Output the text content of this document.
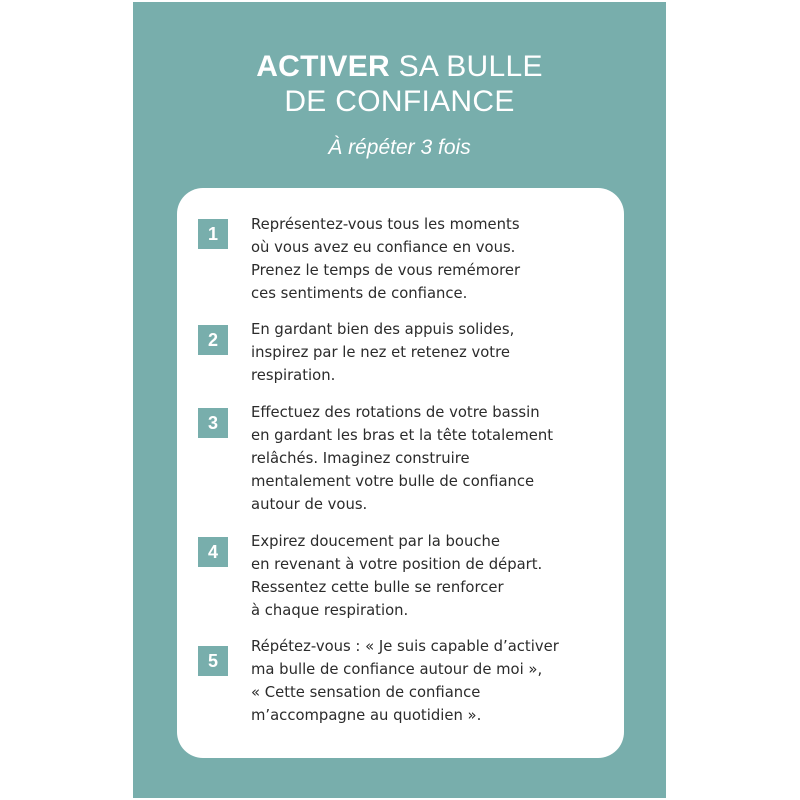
ACTIVER SA BULLE
DE CONFIANCE
À répéter 3 fois
1	Représentez-vous tous les moments
où vous avez eu confiance en vous.
Prenez le temps de vous remémorer
ces sentiments de confiance.
2
En gardant bien des appuis solides,
inspirez par le nez et retenez votre
respiration.
3
Effectuez des rotations de votre bassin
en gardant les bras et la tête totalement
relâchés. Imaginez construire
mentalement votre bulle de confiance
autour de vous.
4
Expirez doucement par la bouche
en revenant à votre position de départ.
Ressentez cette bulle se renforcer
à chaque respiration.
5
Répétez-vous : « Je suis capable d’activer
ma bulle de confiance autour de moi »,
« Cette sensation de confiance
m’accompagne au quotidien ».
